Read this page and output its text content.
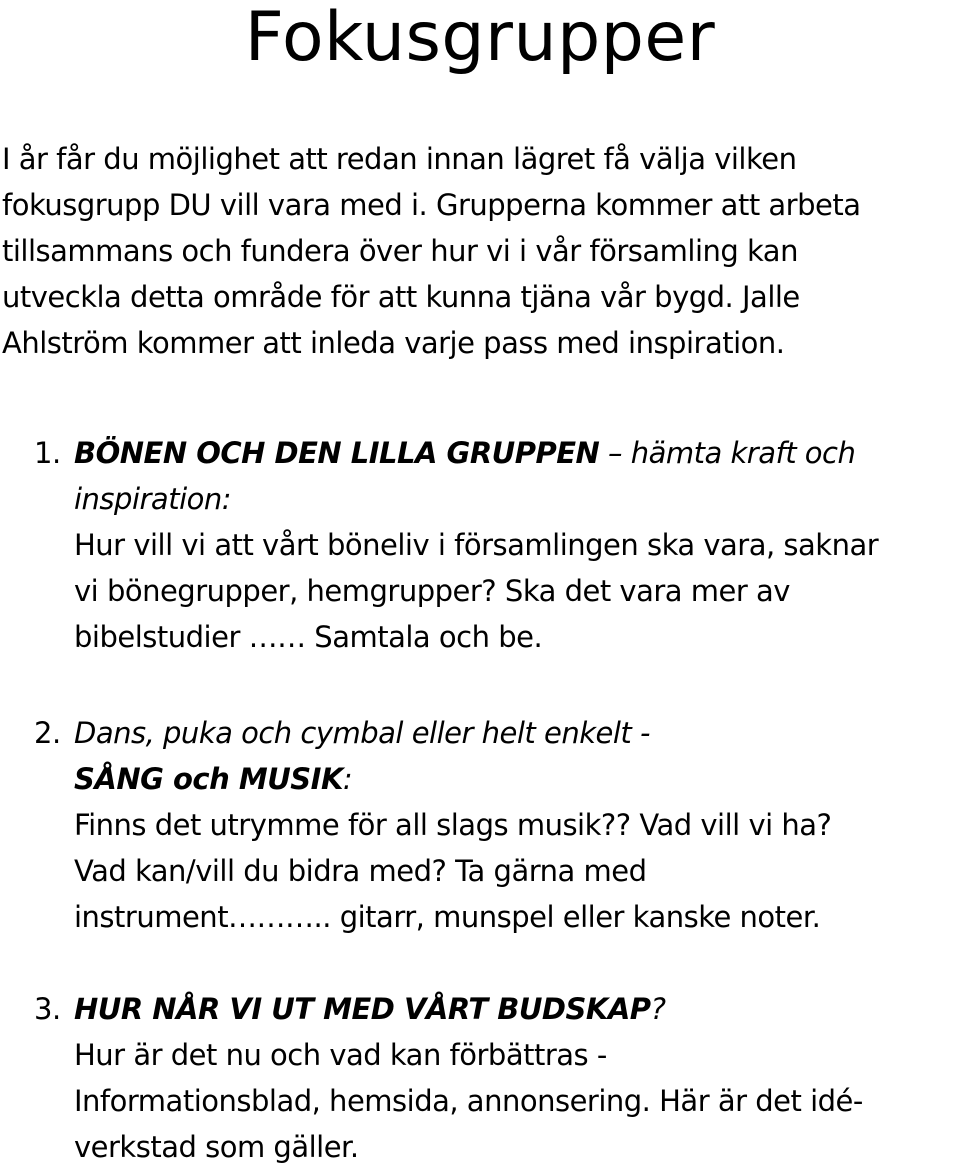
Fokusgrupper
I år får du möjlighet att redan innan lägret få välja vilken
fokusgrupp DU vill vara med i. Grupperna kommer att arbeta
tillsammans och fundera över hur vi i vår församling kan
utveckla detta område för att kunna tjäna vår bygd. Jalle
Ahlström kommer att inleda varje pass med inspiration.
1. BÖNEN OCH DEN LILLA GRUPPEN – hämta kraft och
inspiration:
Hur vill vi att vårt böneliv i församlingen ska vara, saknar
vi bönegrupper, hemgrupper? Ska det vara mer av
bibelstudier …… Samtala och be.
2. Dans, puka och cymbal eller helt enkelt -
SÅNG och MUSIK:
Finns det utrymme för all slags musik?? Vad vill vi ha?
Vad kan/vill du bidra med? Ta gärna med
instrument……….. gitarr, munspel eller kanske noter.
3. HUR NÅR VI UT MED VÅRT BUDSKAP?
Hur är det nu och vad kan förbättras -
Informationsblad, hemsida, annonsering. Här är det idé-
verkstad som gäller.
